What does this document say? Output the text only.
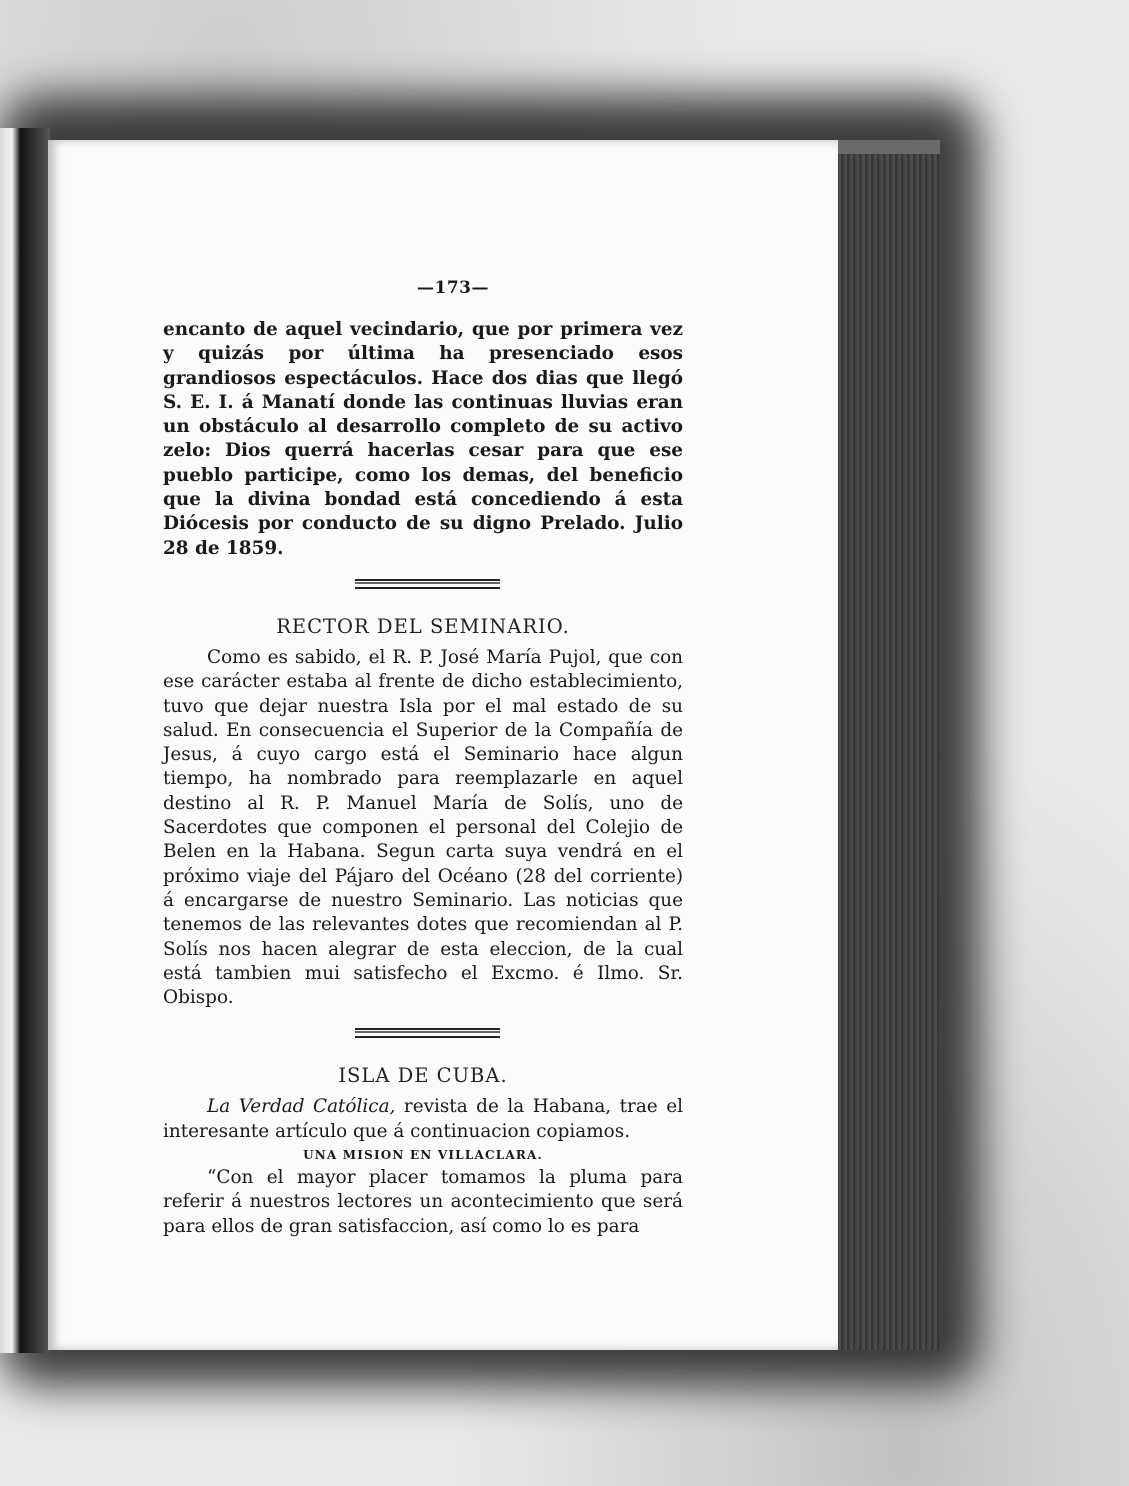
—173—

encanto de aquel vecindario, que por primera vez y quizás por última ha presenciado esos grandiosos espectáculos. Hace dos dias que llegó S. E. I. á Manatí donde las continuas lluvias eran un obstáculo al desarrollo completo de su activo zelo: Dios querrá hacerlas cesar para que ese pueblo participe, como los demas, del beneficio que la divina bondad está concediendo á esta Diócesis por conducto de su digno Prelado. Julio 28 de 1859.

RECTOR DEL SEMINARIO.

Como es sabido, el R. P. José María Pujol, que con ese carácter estaba al frente de dicho establecimiento, tuvo que dejar nuestra Isla por el mal estado de su salud. En consecuencia el Superior de la Compañía de Jesus, á cuyo cargo está el Seminario hace algun tiempo, ha nombrado para reemplazarle en aquel destino al R. P. Manuel María de Solís, uno de Sacerdotes que componen el personal del Colejio de Belen en la Habana. Segun carta suya vendrá en el próximo viaje del Pájaro del Océano (28 del corriente) á encargarse de nuestro Seminario. Las noticias que tenemos de las relevantes dotes que recomiendan al P. Solís nos hacen alegrar de esta eleccion, de la cual está tambien mui satisfecho el Excmo. é Ilmo. Sr. Obispo.

ISLA DE CUBA.

La Verdad Católica, revista de la Habana, trae el interesante artículo que á continuacion copiamos.

UNA MISION EN VILLACLARA.

“Con el mayor placer tomamos la pluma para referir á nuestros lectores un acontecimiento que será para ellos de gran satisfaccion, así como lo es para
